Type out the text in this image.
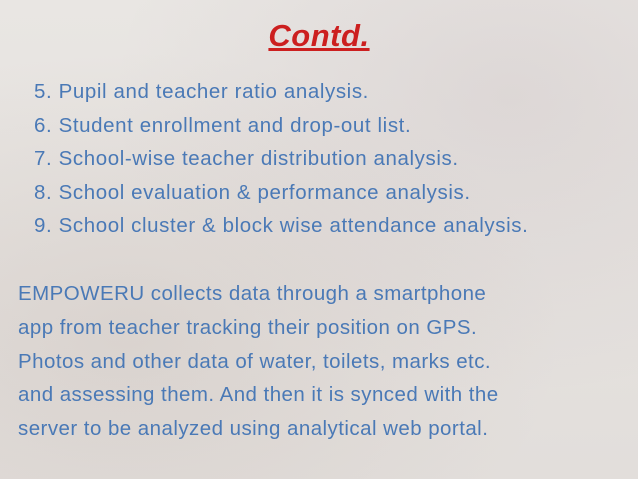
Contd.
5. Pupil and teacher ratio analysis.
6. Student enrollment and drop-out list.
7. School-wise teacher distribution analysis.
8. School evaluation & performance analysis.
9. School cluster & block wise attendance analysis.
EMPOWERU collects data through a smartphone
app from teacher tracking their position on GPS.
Photos and other data of water, toilets, marks etc.
and assessing them. And then it is synced with the
server to be analyzed using analytical web portal.
